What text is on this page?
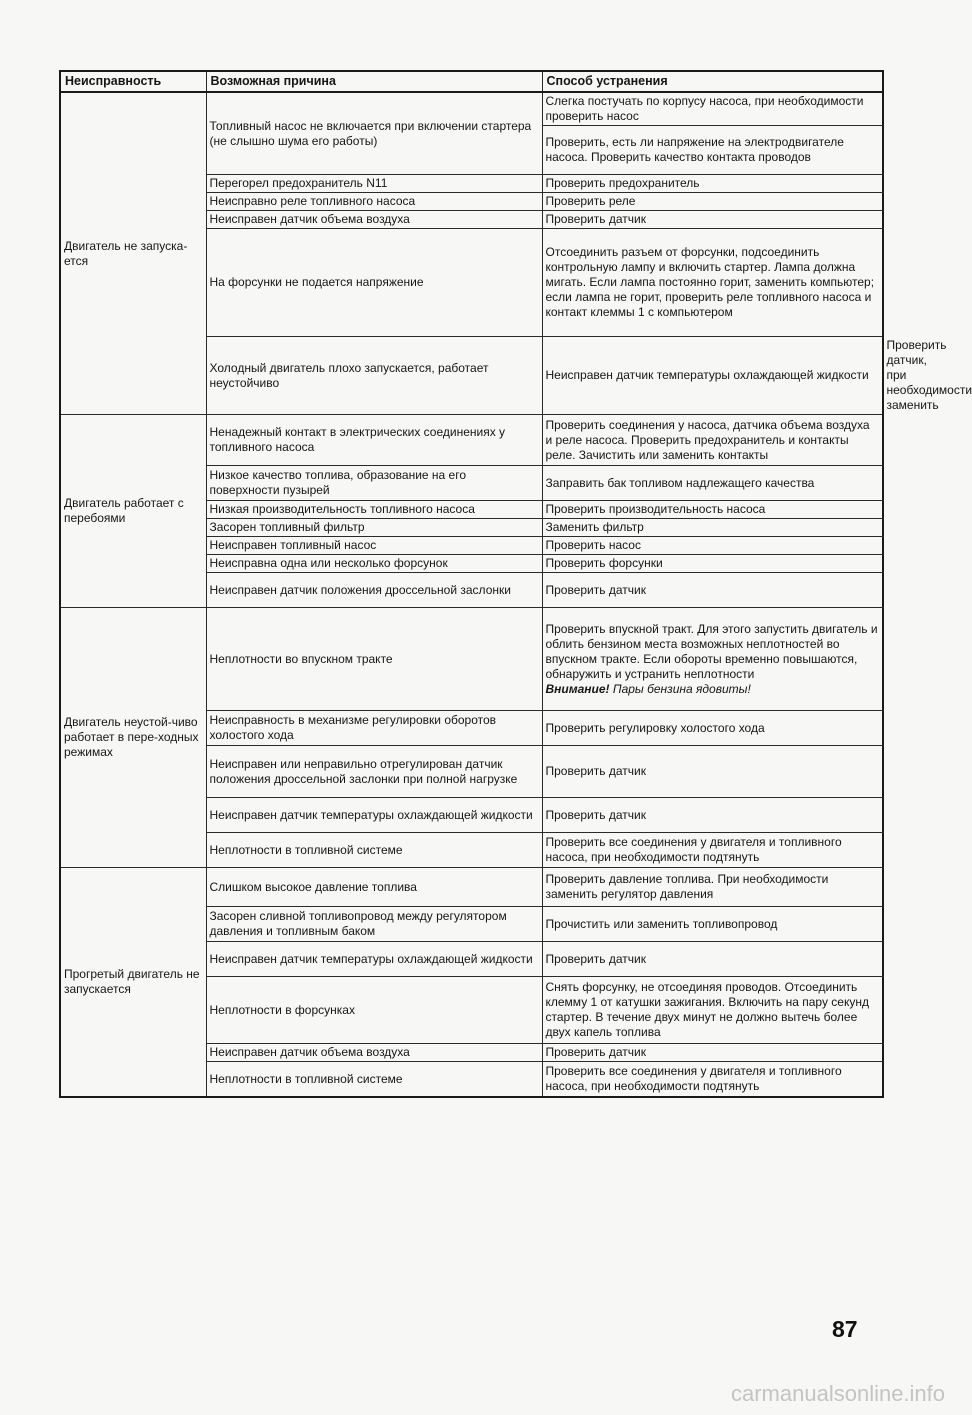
Неисправность	Возможная причина	Способ устранения	
Двигатель не запуска-ется	Топливный насос не включается при включении стартера (не слышно шума его работы)	Слегка постучать по корпусу насоса, при необходимости проверить насос	
		Проверить, есть ли напряжение на электродвигателе насоса. Проверить качество контакта проводов	
	Перегорел предохранитель N11	Проверить предохранитель	
	Неисправно реле топливного насоса	Проверить реле	
	Неисправен датчик объема воздуха	Проверить датчик	
	На форсунки не подается напряжение	Отсоединить разъем от форсунки, подсоединить контрольную лампу и включить стартер. Лампа должна мигать. Если лампа постоянно горит, заменить компьютер; если лампа не горит, проверить реле топливного насоса и контакт клеммы 1 с компьютером	
	Холодный двигатель плохо запускается, работает неустойчиво	Неисправен датчик температуры охлаждающей жидкости	Проверить датчик, при необходимости заменить
Двигатель работает с перебоями	Ненадежный контакт в электрических соединениях у топливного насоса	Проверить соединения у насоса, датчика объема воздуха и реле насоса. Проверить предохранитель и контакты реле. Зачистить или заменить контакты	
	Низкое качество топлива, образование на его поверхности пузырей	Заправить бак топливом надлежащего качества	
	Низкая производительность топливного насоса	Проверить производительность насоса	
	Засорен топливный фильтр	Заменить фильтр	
	Неисправен топливный насос	Проверить насос	
	Неисправна одна или несколько форсунок	Проверить форсунки	
	Неисправен датчик положения дроссельной заслонки	Проверить датчик	
Двигатель неустой-чиво работает в пере-ходных режимах	Неплотности во впускном тракте	Проверить впускной тракт. Для этого запустить двигатель и облить бензином места возможных неплотностей во впускном тракте. Если обороты временно повышаются, обнаружить и устранить неплотности
Внимание! Пары бензина ядовиты!	

	Неисправность в механизме регулировки оборотов холостого хода	Проверить регулировку холостого хода	
	Неисправен или неправильно отрегулирован датчик положения дроссельной заслонки при полной нагрузке	Проверить датчик	
	Неисправен датчик температуры охлаждающей жидкости	Проверить датчик	
	Неплотности в топливной системе	Проверить все соединения у двигателя и топливного насоса, при необходимости подтянуть	
Прогретый двигатель не запускается	Слишком высокое давление топлива	Проверить давление топлива. При необходимости заменить регулятор давления	
	Засорен сливной топливопровод между регулятором давления и топливным баком	Прочистить или заменить топливопровод	
	Неисправен датчик температуры охлаждающей жидкости	Проверить датчик	
	Неплотности в форсунках	Снять форсунку, не отсоединяя проводов. Отсоединить клемму 1 от катушки зажигания. Включить на пару секунд стартер. В течение двух минут не должно вытечь более двух капель топлива	
	Неисправен датчик объема воздуха	Проверить датчик	
	Неплотности в топливной системе	Проверить все соединения у двигателя и топливного насоса, при необходимости подтянуть	
87
carmanualsonline.info
